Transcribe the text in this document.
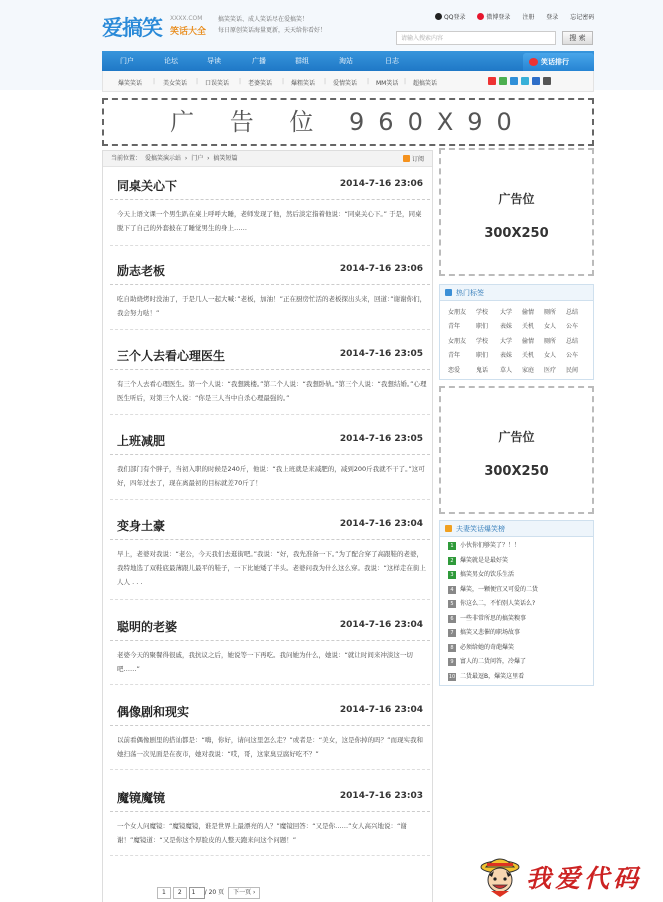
爱搞笑 XXXX.COM
笑话大全
搞笑笑话、成人笑话尽在爱搞笑！
每日原创笑话海量更新，天天给你看好！
QQ登录	微博登录 注册 登录 忘记密码
请输入搜索内容	搜 索
门户	论坛	导读	广播	群组	淘站	日志	笑话排行
爆笑笑话 | 美女笑话 | 口误笑话 | 老婆笑话 | 爆粗笑话 | 爱情笑话 | MM笑话 | 超搞笑话
广 告 位 960X90
当前位置： 爱搞笑演示站 › 门户 › 搞笑短篇	订阅
同桌关心下	2014-7-16 23:06
今天上语文课一个男生趴在桌上呼呼大睡，老师发现了他，然后淡定指着他说：“同桌关心下。” 于是，同桌脱下了自己的外套披在了睡觉男生的身上……
励志老板	2014-7-16 23:06
吃自助烧烤时没油了，于是几人一起大喊：”老板，加油！”正在厨房忙活的老板探出头来，回道：”谢谢你们，我会努力哒！”
三个人去看心理医生	2014-7-16 23:05
有三个人去看心理医生。第一个人说：“我想跳楼。”第二个人说：“我想卧轨。”第三个人说：“我想结婚。”心理医生听后，对第三个人说：“你是三人当中自杀心理最强的。”
上班减肥	2014-7-16 23:05
我们部门有个胖子，当初入职的时候是240斤，他说：“我上班就是来减肥的，减到200斤我就不干了。”这可好，四年过去了，现在离最初的目标就差70斤了！
变身土豪	2014-7-16 23:04
早上，老婆对我说：“老公，今天我们去逛街吧。”我说：“好，我先准备一下。”为了配合穿了高跟鞋的老婆，我特地选了双鞋底最薄跟儿最平的鞋子，一下比她矮了半头。老婆问我为什么这么穿。我说：“这样走在街上人人 . . .
聪明的老婆	2014-7-16 23:04
老婆今天的聚餐得很戚，我抗议之后，她说等一下再吃。我问她为什么，她说：“就让时间来冲淡这一切吧……”
偶像剧和现实	2014-7-16 23:04
以前看偶像剧里的搭讪都是：“嗨，你好，请问这里怎么走？”或者是：“美女，这是你掉的吗？”而现实我和她扫荡一次见面是在夜市，她对我说：“哎，哥，这家臭豆腐好吃不？”
魔镜魔镜	2014-7-16 23:03
一个女人问魔镜：“魔镜魔镜，谁是世界上最漂亮的人？”魔镜回答：“又是你……”女人高兴地说：“谢谢！”魔镜道：“又是你这个厚脸皮的人整天跑来问这个问题！”
1 2 1 / 20 页 下一页 ›
广告位
300X250
热门标签
女朋友 学校 大学 偷情 厕所 总结
青年	职们 表妹 关机 女人 公车
女朋友 学校 大学 偷情 厕所 总结
青年	职们 表妹 关机 女人 公车
恋爱	鬼话 草人 家庭 医疗 民间
广告位
300X250
夫妻笑话爆笑榜
1 小伙你们够笑了？！！
2 爆笑就是是最好笑
3 搞笑男女的饮乐生活
4 爆笑，一颗便宜又可爱的二货
5 你这么二，不怕别人笑话么?
6 一些非常所思的搞笑糗事
7 搞笑又悲催的职场故事
8 必须给她的奇葩爆笑
9 富人的二货问答，冷爆了
10 二货最逗B，爆笑这里看
我爱代码
